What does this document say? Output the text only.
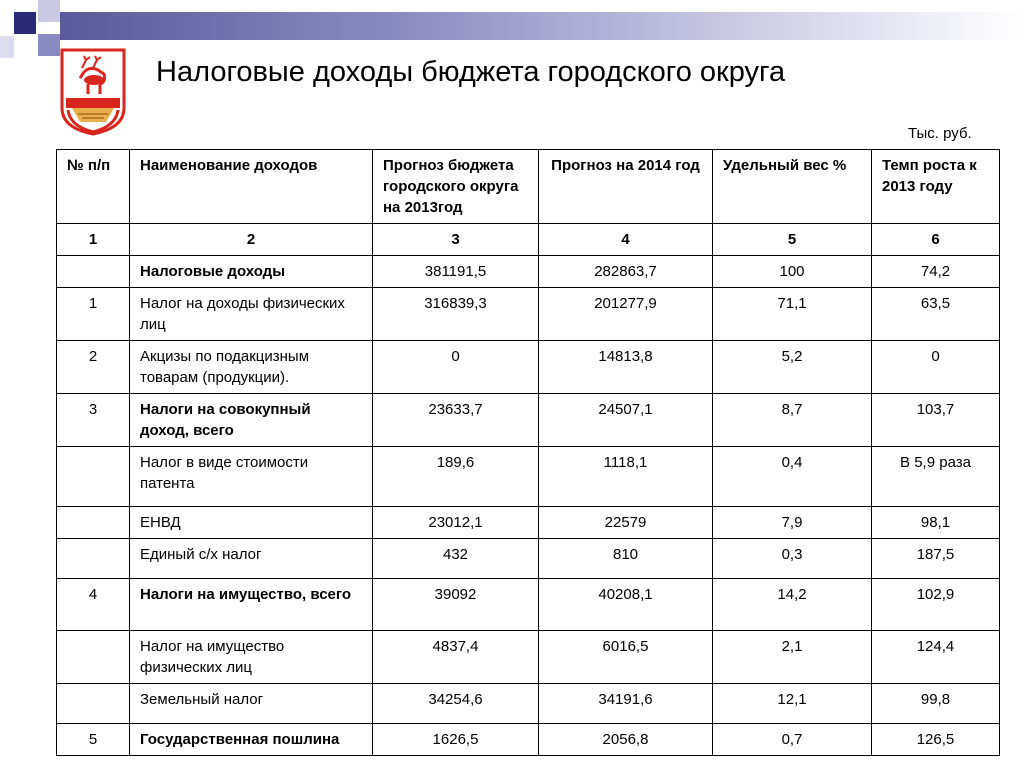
Налоговые доходы бюджета городского округа
Тыс. руб.
№ п/п	Наименование доходов	Прогноз бюджета городского округа на 2013год	Прогноз на 2014 год	Удельный вес %	Темп роста к 2013 году
1	2	3	4	5	6
	Налоговые доходы	381191,5	282863,7	100	74,2
1	Налог на доходы физических лиц	316839,3	201277,9	71,1	63,5
2	Акцизы по подакцизным товарам (продукции).	0	14813,8	5,2	0
3	Налоги на совокупный доход, всего	23633,7	24507,1	8,7	103,7
	Налог в виде стоимости патента	189,6	1118,1	0,4	В 5,9 раза
	ЕНВД	23012,1	22579	7,9	98,1
	Единый с/х налог	432	810	0,3	187,5
4	Налоги на имущество, всего	39092	40208,1	14,2	102,9
	Налог на имущество физических лиц	4837,4	6016,5	2,1	124,4
	Земельный налог	34254,6	34191,6	12,1	99,8
5	Государственная пошлина	1626,5	2056,8	0,7	126,5
